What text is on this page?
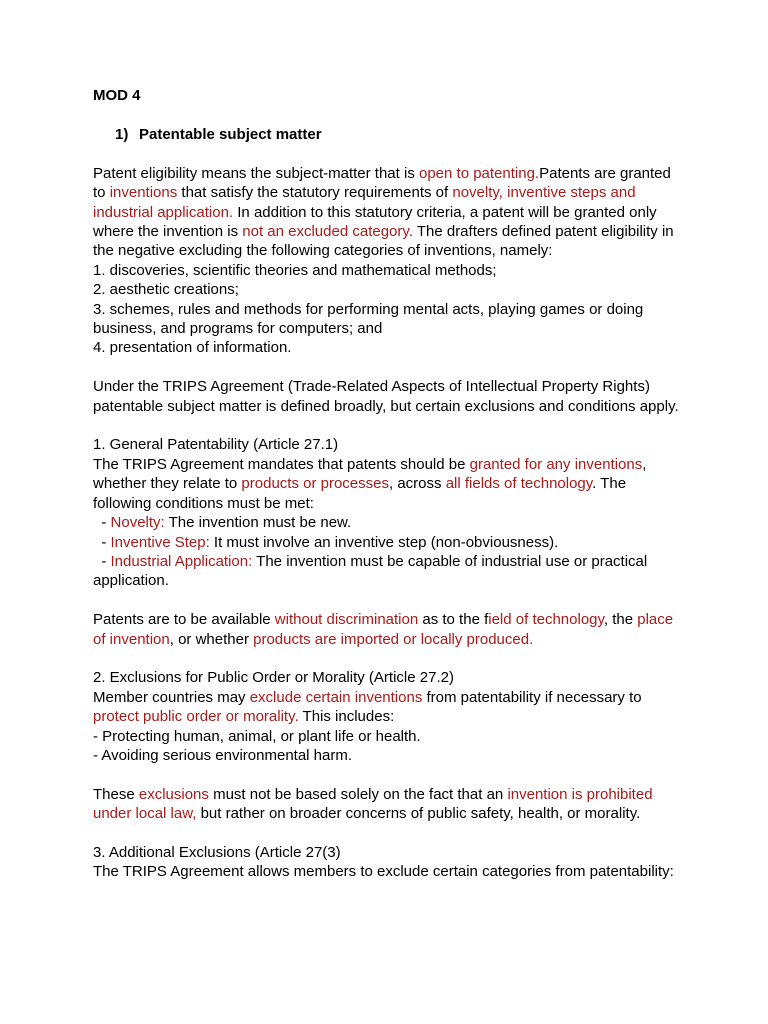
MOD 4

1) Patentable subject matter

Patent eligibility means the subject-matter that is open to patenting.Patents are granted to inventions that satisfy the statutory requirements of novelty, inventive steps and industrial application. In addition to this statutory criteria, a patent will be granted only where the invention is not an excluded category. The drafters defined patent eligibility in the negative excluding the following categories of inventions, namely:

1. discoveries, scientific theories and mathematical methods;
2. aesthetic creations;
3. schemes, rules and methods for performing mental acts, playing games or doing business, and programs for computers; and
4. presentation of information.

Under the TRIPS Agreement (Trade-Related Aspects of Intellectual Property Rights) patentable subject matter is defined broadly, but certain exclusions and conditions apply.

1. General Patentability (Article 27.1)

The TRIPS Agreement mandates that patents should be granted for any inventions, whether they relate to products or processes, across all fields of technology. The following conditions must be met:

- Novelty: The invention must be new.
- Inventive Step: It must involve an inventive step (non-obviousness).
- Industrial Application: The invention must be capable of industrial use or practical application.

Patents are to be available without discrimination as to the field of technology, the place of invention, or whether products are imported or locally produced.

2. Exclusions for Public Order or Morality (Article 27.2)

Member countries may exclude certain inventions from patentability if necessary to protect public order or morality. This includes:

- Protecting human, animal, or plant life or health.
- Avoiding serious environmental harm.

These exclusions must not be based solely on the fact that an invention is prohibited under local law, but rather on broader concerns of public safety, health, or morality.

3. Additional Exclusions (Article 27(3)

The TRIPS Agreement allows members to exclude certain categories from patentability:
